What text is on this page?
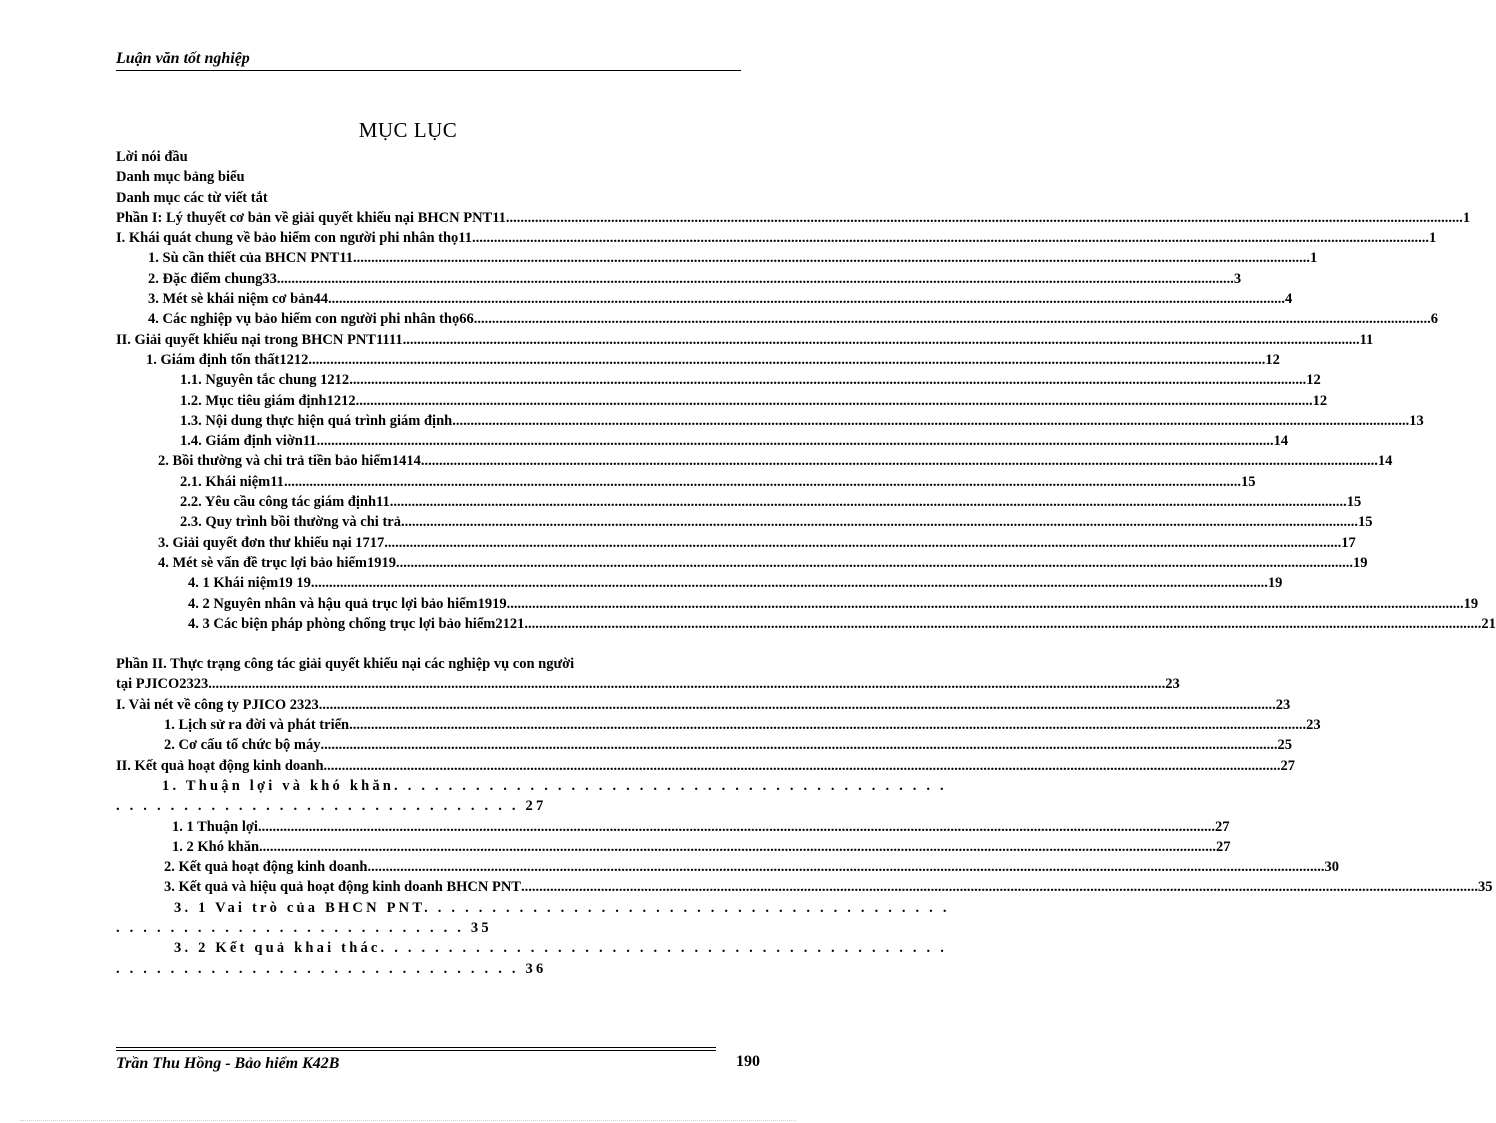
Luận văn tốt nghiệp
MỤC LỤC
Lời nói đầu
Danh mục bảng biểu
Danh mục các từ viết tắt
Phần I: Lý thuyết cơ bản về giải quyết khiếu nại BHCN PNT11 .....	1
I. Khái quát chung về bảo hiểm con người phi nhân thọ11 .....	1
1. Sù cần thiết của BHCN PNT11 .....	1
2. Đặc điểm chung33 .....	3
3. Mét sè khái niệm cơ bản44 .....	4
4. Các nghiệp vụ bảo hiểm con người phi nhân thọ66 .....	6
II. Giải quyết khiếu nại trong BHCN PNT1111 .....	11
1. Giám định tổn thất1212 .....	12
1.1. Nguyên tắc chung 1212 .....	12
1.2. Mục tiêu giám định1212 .....	12
1.3. Nội dung thực hiện quá trình giám định .....	13
1.4. Giám định viờn11 .....	14
2. Bồi thường và chi trả tiền bảo hiểm1414 .....	14
2.1. Khái niệm11 .....	15
2.2. Yêu cầu công tác giám định11 .....	15
2.3. Quy trình bồi thường và chi trả .....	15
3. Giải quyết đơn thư khiếu nại 1717 .....	17
4. Mét sè vấn đề trục lợi bảo hiểm1919 .....	19
4. 1 Khái niệm19 19 .....	19
4. 2 Nguyên nhân và hậu quả trục lợi bảo hiểm1919 .....	19
4. 3 Các biện pháp phòng chống trục lợi bảo hiểm2121 .....	21
Phần II. Thực trạng công tác giải quyết khiếu nại các nghiệp vụ con người
tại PJICO2323 .....	23
I. Vài nét về công ty PJICO 2323 .....	23
1. Lịch sử ra đời và phát triển .....	23
2. Cơ cấu tổ chức bộ máy .....	25
II. Kết quả hoạt động kinh doanh .....	27
1. Thuận lợi và khó khăn. . . . . . . . . . . . . . . . . . . . . . . . . . . . . . . . . . . . . . . . .
. . . . . . . . . . . . . . . . . . . . . . . . . . . . . . 27
1. 1 Thuận lợi .....	27
1. 2 Khó khăn .....	27
2. Kết quả hoạt động kinh doanh .....	30
3. Kết quả và hiệu quả hoạt động kinh doanh BHCN PNT .....	35
3. 1 Vai trò của BHCN PNT. . . . . . . . . . . . . . . . . . . . . . . . . . . . . . . . . . . . . . .
. . . . . . . . . . . . . . . . . . . . . . . . . . 35
3. 2 Kết quả khai thác. . . . . . . . . . . . . . . . . . . . . . . . . . . . . . . . . . . . . . . . . .
. . . . . . . . . . . . . . . . . . . . . . . . . . . . . . 36
Trần Thu Hồng - Bảo hiểm K42B	190
